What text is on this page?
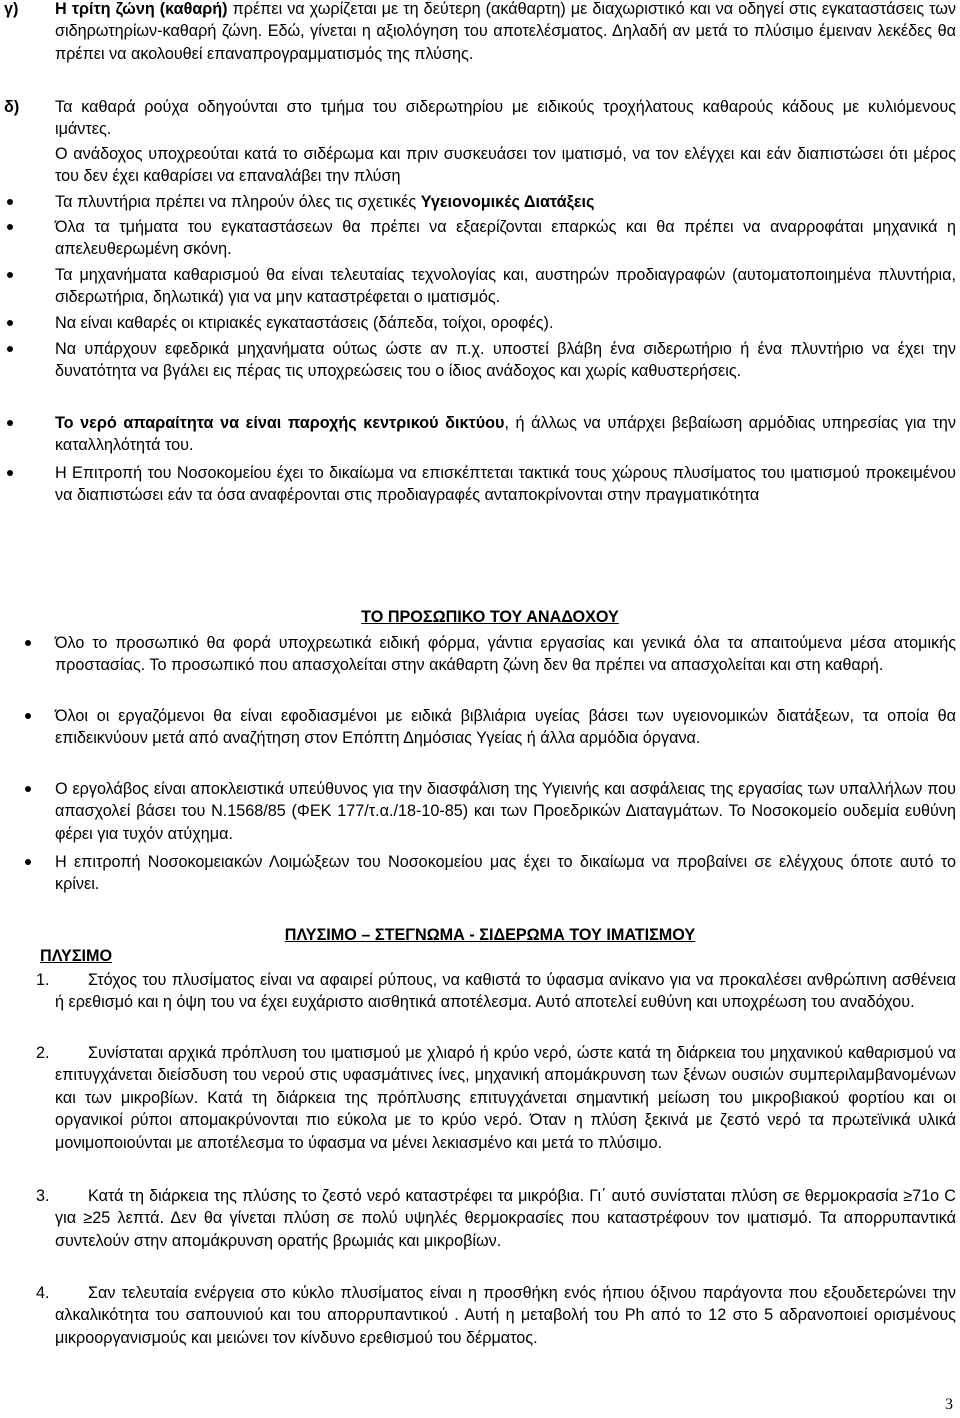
γ) Η τρίτη ζώνη (καθαρή) πρέπει να χωρίζεται με τη δεύτερη (ακάθαρτη) με διαχωριστικό και να οδηγεί στις εγκαταστάσεις των σιδηρωτηρίων-καθαρή ζώνη. Εδώ, γίνεται η αξιολόγηση του αποτελέσματος. Δηλαδή αν μετά το πλύσιμο έμειναν λεκέδες θα πρέπει να ακολουθεί επαναπρογραμματισμός της πλύσης.

δ) Τα καθαρά ρούχα οδηγούνται στο τμήμα του σιδερωτηρίου με ειδικούς τροχήλατους καθαρούς κάδους με κυλιόμενους ιμάντες.

Ο ανάδοχος υποχρεούται κατά το σιδέρωμα και πριν συσκευάσει τον ιματισμό, να τον ελέγχει και εάν διαπιστώσει ότι μέρος του δεν έχει καθαρίσει να επαναλάβει την πλύση

Τα πλυντήρια πρέπει να πληρούν όλες τις σχετικές Υγειονομικές Διατάξεις

Όλα τα τμήματα του εγκαταστάσεων θα πρέπει να εξαερίζονται επαρκώς και θα πρέπει να αναρροφάται μηχανικά η απελευθερωμένη σκόνη.

Τα μηχανήματα καθαρισμού θα είναι τελευταίας τεχνολογίας και, αυστηρών προδιαγραφών (αυτοματοποιημένα πλυντήρια, σιδερωτήρια, δηλωτικά) για να μην καταστρέφεται ο ιματισμός.

Να είναι καθαρές οι κτιριακές εγκαταστάσεις (δάπεδα, τοίχοι, οροφές).

Να υπάρχουν εφεδρικά μηχανήματα ούτως ώστε αν π.χ. υποστεί βλάβη ένα σιδερωτήριο ή ένα πλυντήριο να έχει την δυνατότητα να βγάλει εις πέρας τις υποχρεώσεις του ο ίδιος ανάδοχος και χωρίς καθυστερήσεις.

Το νερό απαραίτητα να είναι παροχής κεντρικού δικτύου, ή άλλως να υπάρχει βεβαίωση αρμόδιας υπηρεσίας για την καταλληλότητά του.

Η Επιτροπή του Νοσοκομείου έχει το δικαίωμα να επισκέπτεται τακτικά τους χώρους πλυσίματος του ιματισμού προκειμένου να διαπιστώσει εάν τα όσα αναφέρονται στις προδιαγραφές ανταποκρίνονται στην πραγματικότητα

ΤΟ ΠΡΟΣΩΠΙΚΟ ΤΟΥ ΑΝΑΔΟΧΟΥ

Όλο το προσωπικό θα φορά υποχρεωτικά ειδική φόρμα, γάντια εργασίας και γενικά όλα τα απαιτούμενα μέσα ατομικής προστασίας. Το προσωπικό που απασχολείται στην ακάθαρτη ζώνη δεν θα πρέπει να απασχολείται και στη καθαρή.

Όλοι οι εργαζόμενοι θα είναι εφοδιασμένοι με ειδικά βιβλιάρια υγείας βάσει των υγειονομικών διατάξεων, τα οποία θα επιδεικνύουν μετά από αναζήτηση στον Επόπτη Δημόσιας Υγείας ή άλλα αρμόδια όργανα.

Ο εργολάβος είναι αποκλειστικά υπεύθυνος για την διασφάλιση της Υγιεινής και ασφάλειας της εργασίας των υπαλλήλων που απασχολεί βάσει του Ν.1568/85 (ΦΕΚ 177/τ.α./18-10-85) και των Προεδρικών Διαταγμάτων. Το Νοσοκομείο ουδεμία ευθύνη φέρει για τυχόν ατύχημα.

Η επιτροπή Νοσοκομειακών Λοιμώξεων του Νοσοκομείου μας έχει το δικαίωμα να προβαίνει σε ελέγχους όποτε αυτό το κρίνει.

ΠΛΥΣΙΜΟ – ΣΤΕΓΝΩΜΑ - ΣΙΔΕΡΩΜΑ ΤΟΥ ΙΜΑΤΙΣΜΟΥ
ΠΛΥΣΙΜΟ
1.	Στόχος του πλυσίματος είναι να αφαιρεί ρύπους, να καθιστά το ύφασμα ανίκανο για να προκαλέσει ανθρώπινη ασθένεια ή ερεθισμό και η όψη του να έχει ευχάριστο αισθητικά αποτέλεσμα. Αυτό αποτελεί ευθύνη και υποχρέωση του αναδόχου.

2.	Συνίσταται αρχικά πρόπλυση του ιματισμού με χλιαρό ή κρύο νερό, ώστε κατά τη διάρκεια του μηχανικού καθαρισμού να επιτυγχάνεται διείσδυση του νερού στις υφασμάτινες ίνες, μηχανική απομάκρυνση των ξένων ουσιών συμπεριλαμβανομένων και των μικροβίων. Κατά τη διάρκεια της πρόπλυσης επιτυγχάνεται σημαντική μείωση του μικροβιακού φορτίου και οι οργανικοί ρύποι απομακρύνονται πιο εύκολα με το κρύο νερό. Όταν η πλύση ξεκινά με ζεστό νερό τα πρωτεϊνικά υλικά μονιμοποιούνται με αποτέλεσμα το ύφασμα να μένει λεκιασμένο και μετά το πλύσιμο.

3.	Κατά τη διάρκεια της πλύσης το ζεστό νερό καταστρέφει τα μικρόβια. Γι΄ αυτό συνίσταται πλύση σε θερμοκρασία ≥71ο C για ≥25 λεπτά. Δεν θα γίνεται πλύση σε πολύ υψηλές θερμοκρασίες που καταστρέφουν τον ιματισμό. Τα απορρυπαντικά συντελούν στην απομάκρυνση ορατής βρωμιάς και μικροβίων.

4.	Σαν τελευταία ενέργεια στο κύκλο πλυσίματος είναι η προσθήκη ενός ήπιου όξινου παράγοντα που εξουδετερώνει την αλκαλικότητα του σαπουνιού και του απορρυπαντικού . Αυτή η μεταβολή του Ph από το 12 στο 5 αδρανοποιεί ορισμένους μικροοργανισμούς και μειώνει τον κίνδυνο ερεθισμού του δέρματος.

3
